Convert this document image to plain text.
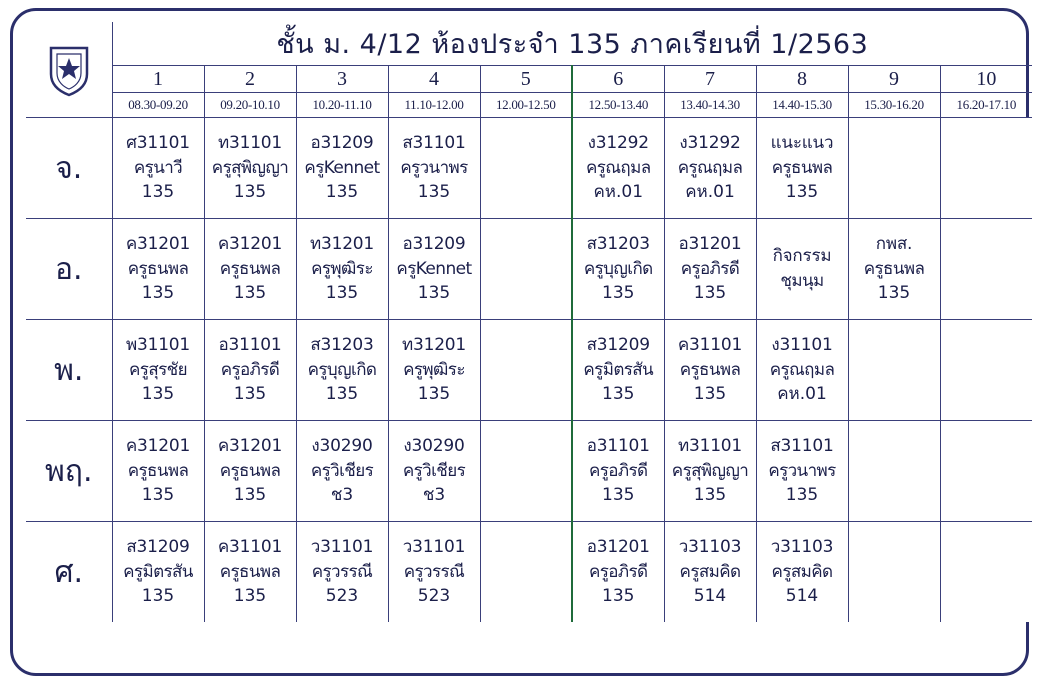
	ชั้น ม. 4/12 ห้องประจำ 135 ภาคเรียนที่ 1/2563									
	1	2	3	4	5	6	7	8	9	10
	08.30-09.20	09.20-10.10	10.20-11.10	11.10-12.00	12.00-12.50	12.50-13.40	13.40-14.30	14.40-15.30	15.30-16.20	16.20-17.10
จ.	ศ31101
ครูนาวี
135	ท31101
ครูสุพิญญา
135	อ31209
ครูKennet
135	ส31101
ครูวนาพร
135		ง31292
ครูณฤมล
คห.01	ง31292
ครูณฤมล
คห.01	แนะแนว
ครูธนพล
135		

อ.	ค31201
ครูธนพล
135	ค31201
ครูธนพล
135	ท31201
ครูพุฒิระ
135	อ31209
ครูKennet
135		ส31203
ครูบุญเกิด
135	อ31201
ครูอภิรดี
135	กิจกรรม
ชุมนุม	กพส.
ครูธนพล
135	

พ.	พ31101
ครูสุรชัย
135	อ31101
ครูอภิรดี
135	ส31203
ครูบุญเกิด
135	ท31201
ครูพุฒิระ
135		ส31209
ครูมิตรสัน
135	ค31101
ครูธนพล
135	ง31101
ครูณฤมล
คห.01		

พฤ.	ค31201
ครูธนพล
135	ค31201
ครูธนพล
135	ง30290
ครูวิเชียร
ช3	ง30290
ครูวิเชียร
ช3		อ31101
ครูอภิรดี
135	ท31101
ครูสุพิญญา
135	ส31101
ครูวนาพร
135		

ศ.	ส31209
ครูมิตรสัน
135	ค31101
ครูธนพล
135	ว31101
ครูวรรณี
523	ว31101
ครูวรรณี
523		อ31201
ครูอภิรดี
135	ว31103
ครูสมคิด
514	ว31103
ครูสมคิด
514		
